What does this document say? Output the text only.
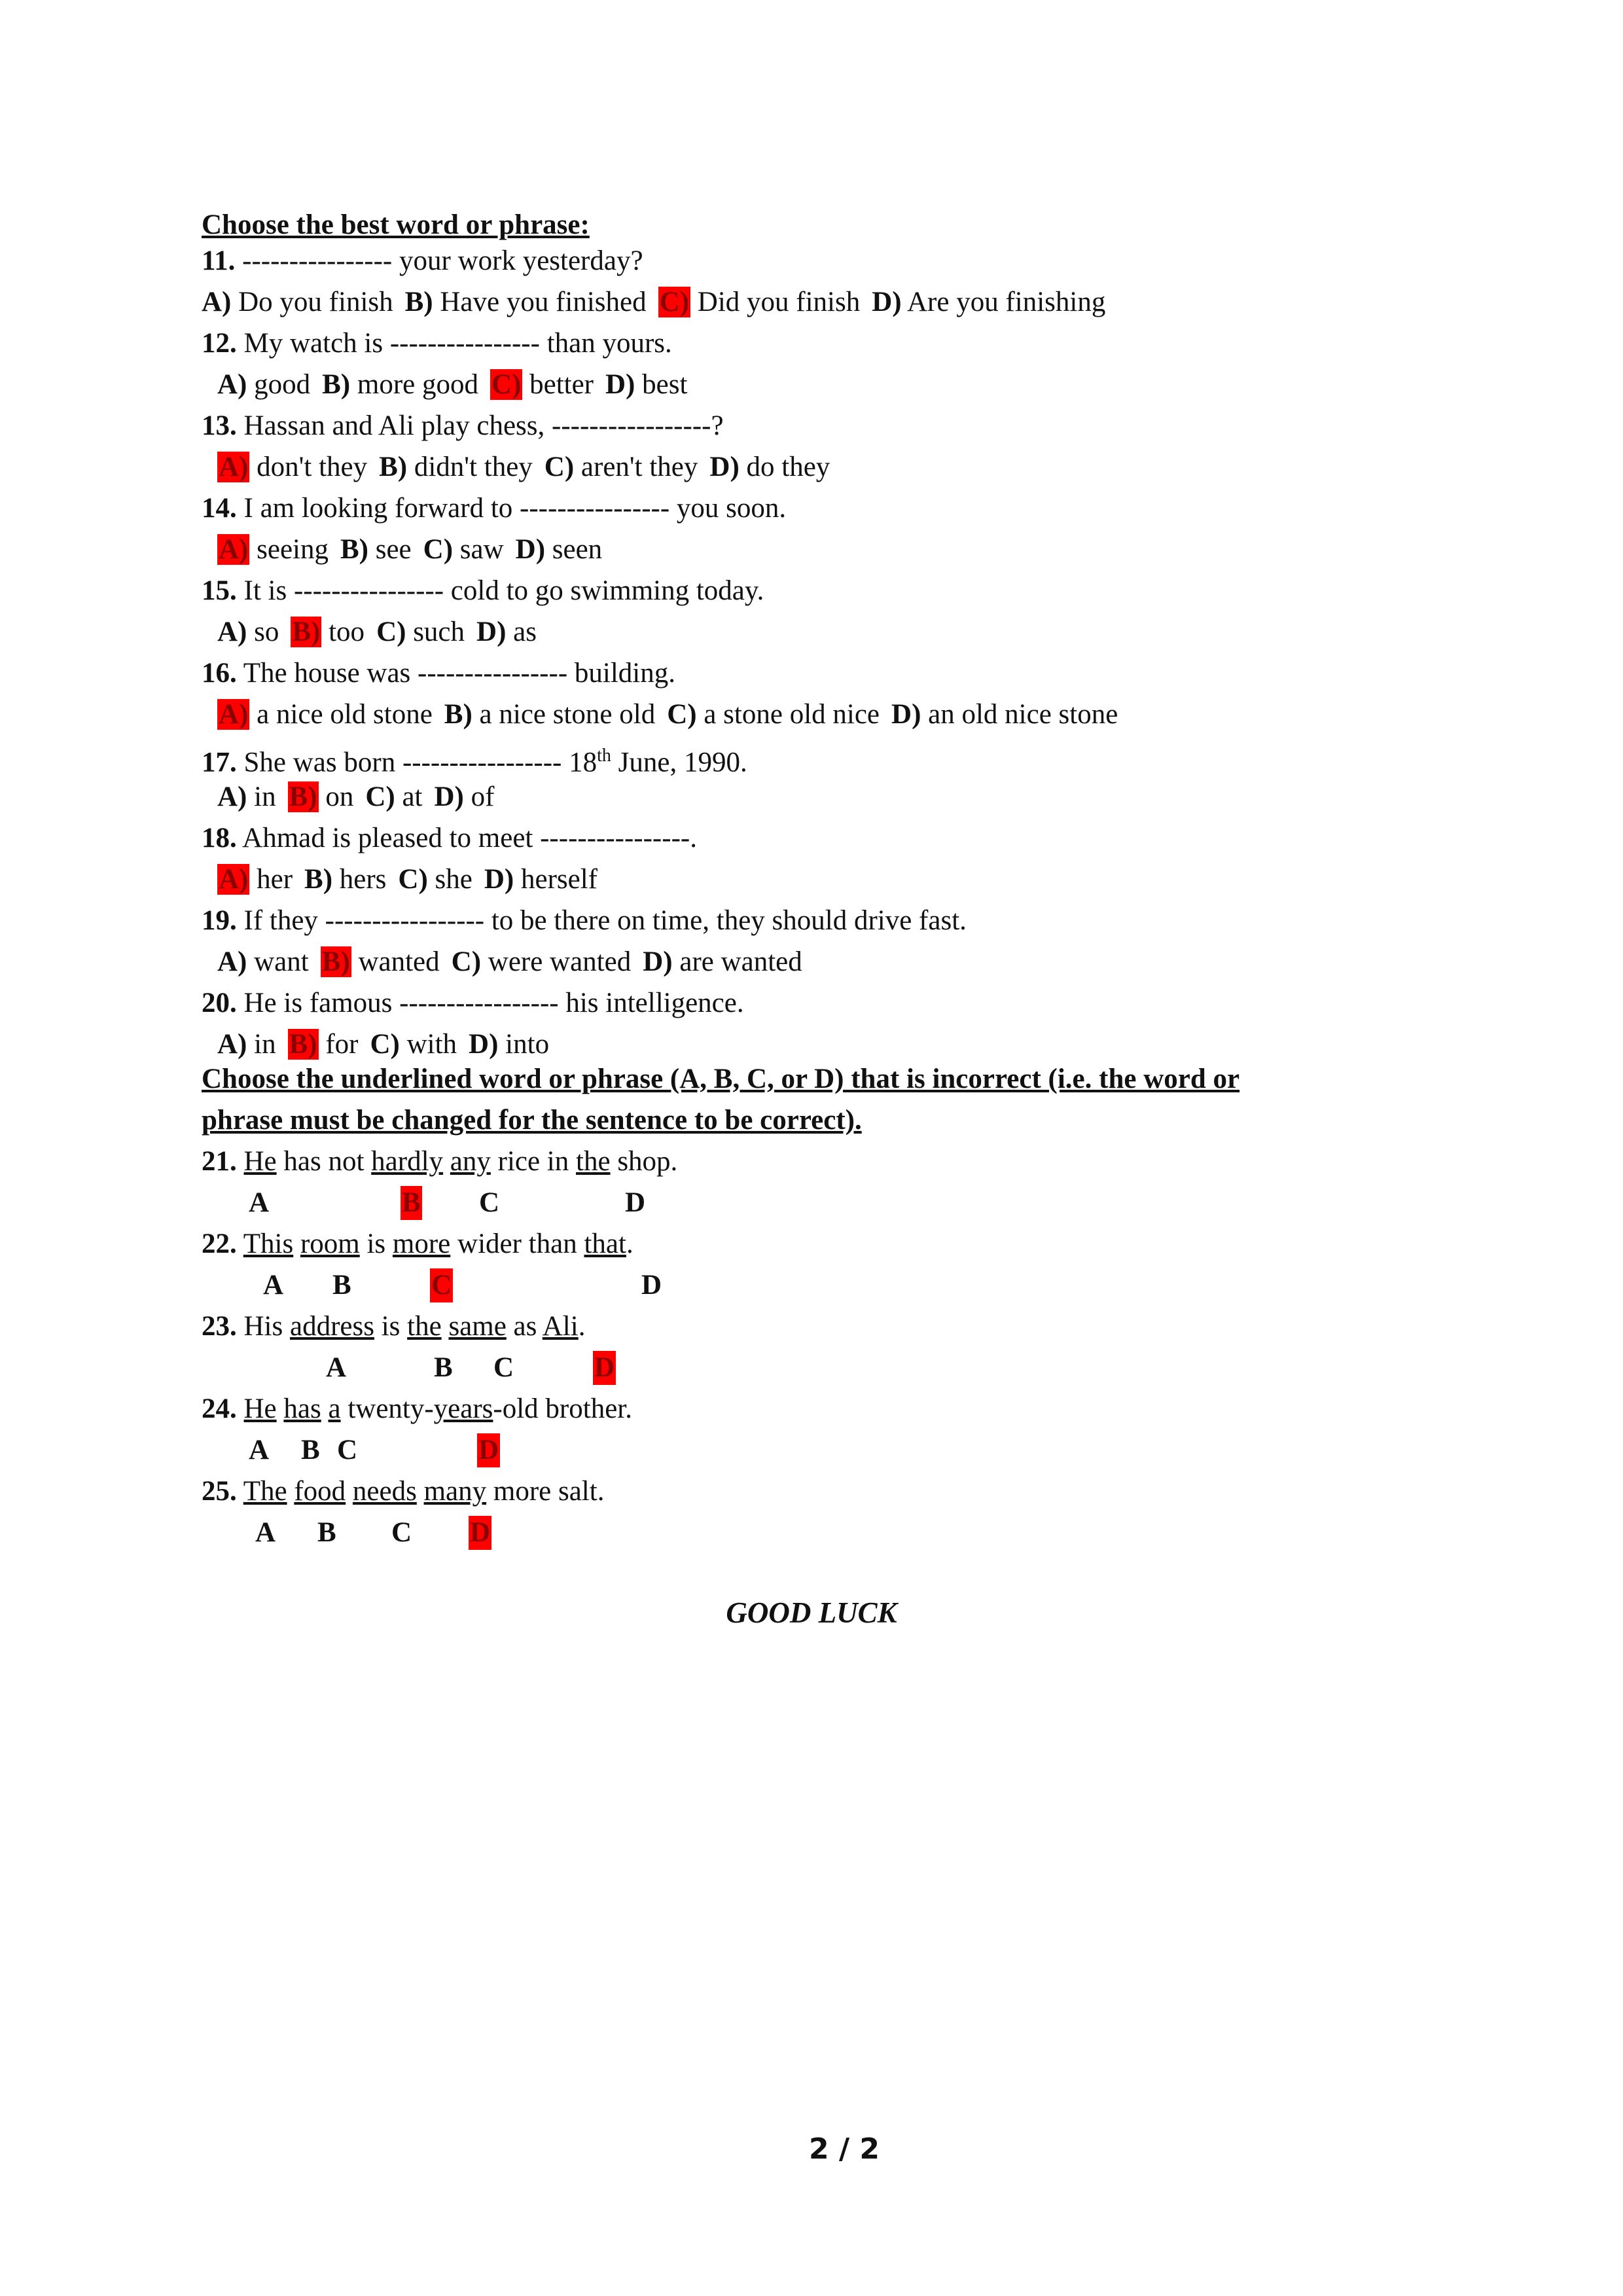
Choose the best word or phrase:
11. ---------------- your work yesterday?
A) Do you finish B) Have you finished C) Did you finish D) Are you finishing
12. My watch is ---------------- than yours.
A) good B) more good C) better D) best
13. Hassan and Ali play chess, -----------------?
A) don't they B) didn't they C) aren't they D) do they
14. I am looking forward to ---------------- you soon.
A) seeing B) see C) saw D) seen
15. It is ---------------- cold to go swimming today.
A) so B) too C) such D) as
16. The house was ---------------- building.
A) a nice old stone B) a nice stone old C) a stone old nice D) an old nice stone
17. She was born ----------------- 18th June, 1990.
A) in B) on C) at D) of
18. Ahmad is pleased to meet ----------------.
A) her B) hers C) she D) herself
19. If they ----------------- to be there on time, they should drive fast.
A) want B) wanted C) were wanted D) are wanted
20. He is famous ----------------- his intelligence.
A) in B) for C) with D) into
Choose the underlined word or phrase (A, B, C, or D) that is incorrect (i.e. the word or
phrase must be changed for the sentence to be correct).
21. He has not hardly any rice in the shop.
A	B C	D
22. This room is more wider than that.
A B	C	D
23. His address is the same as Ali.
A	B C	D
24. He has a twenty-years-old brother.
A B C	D
25. The food needs many more salt.
A B C D
GOOD LUCK
2 / 2
